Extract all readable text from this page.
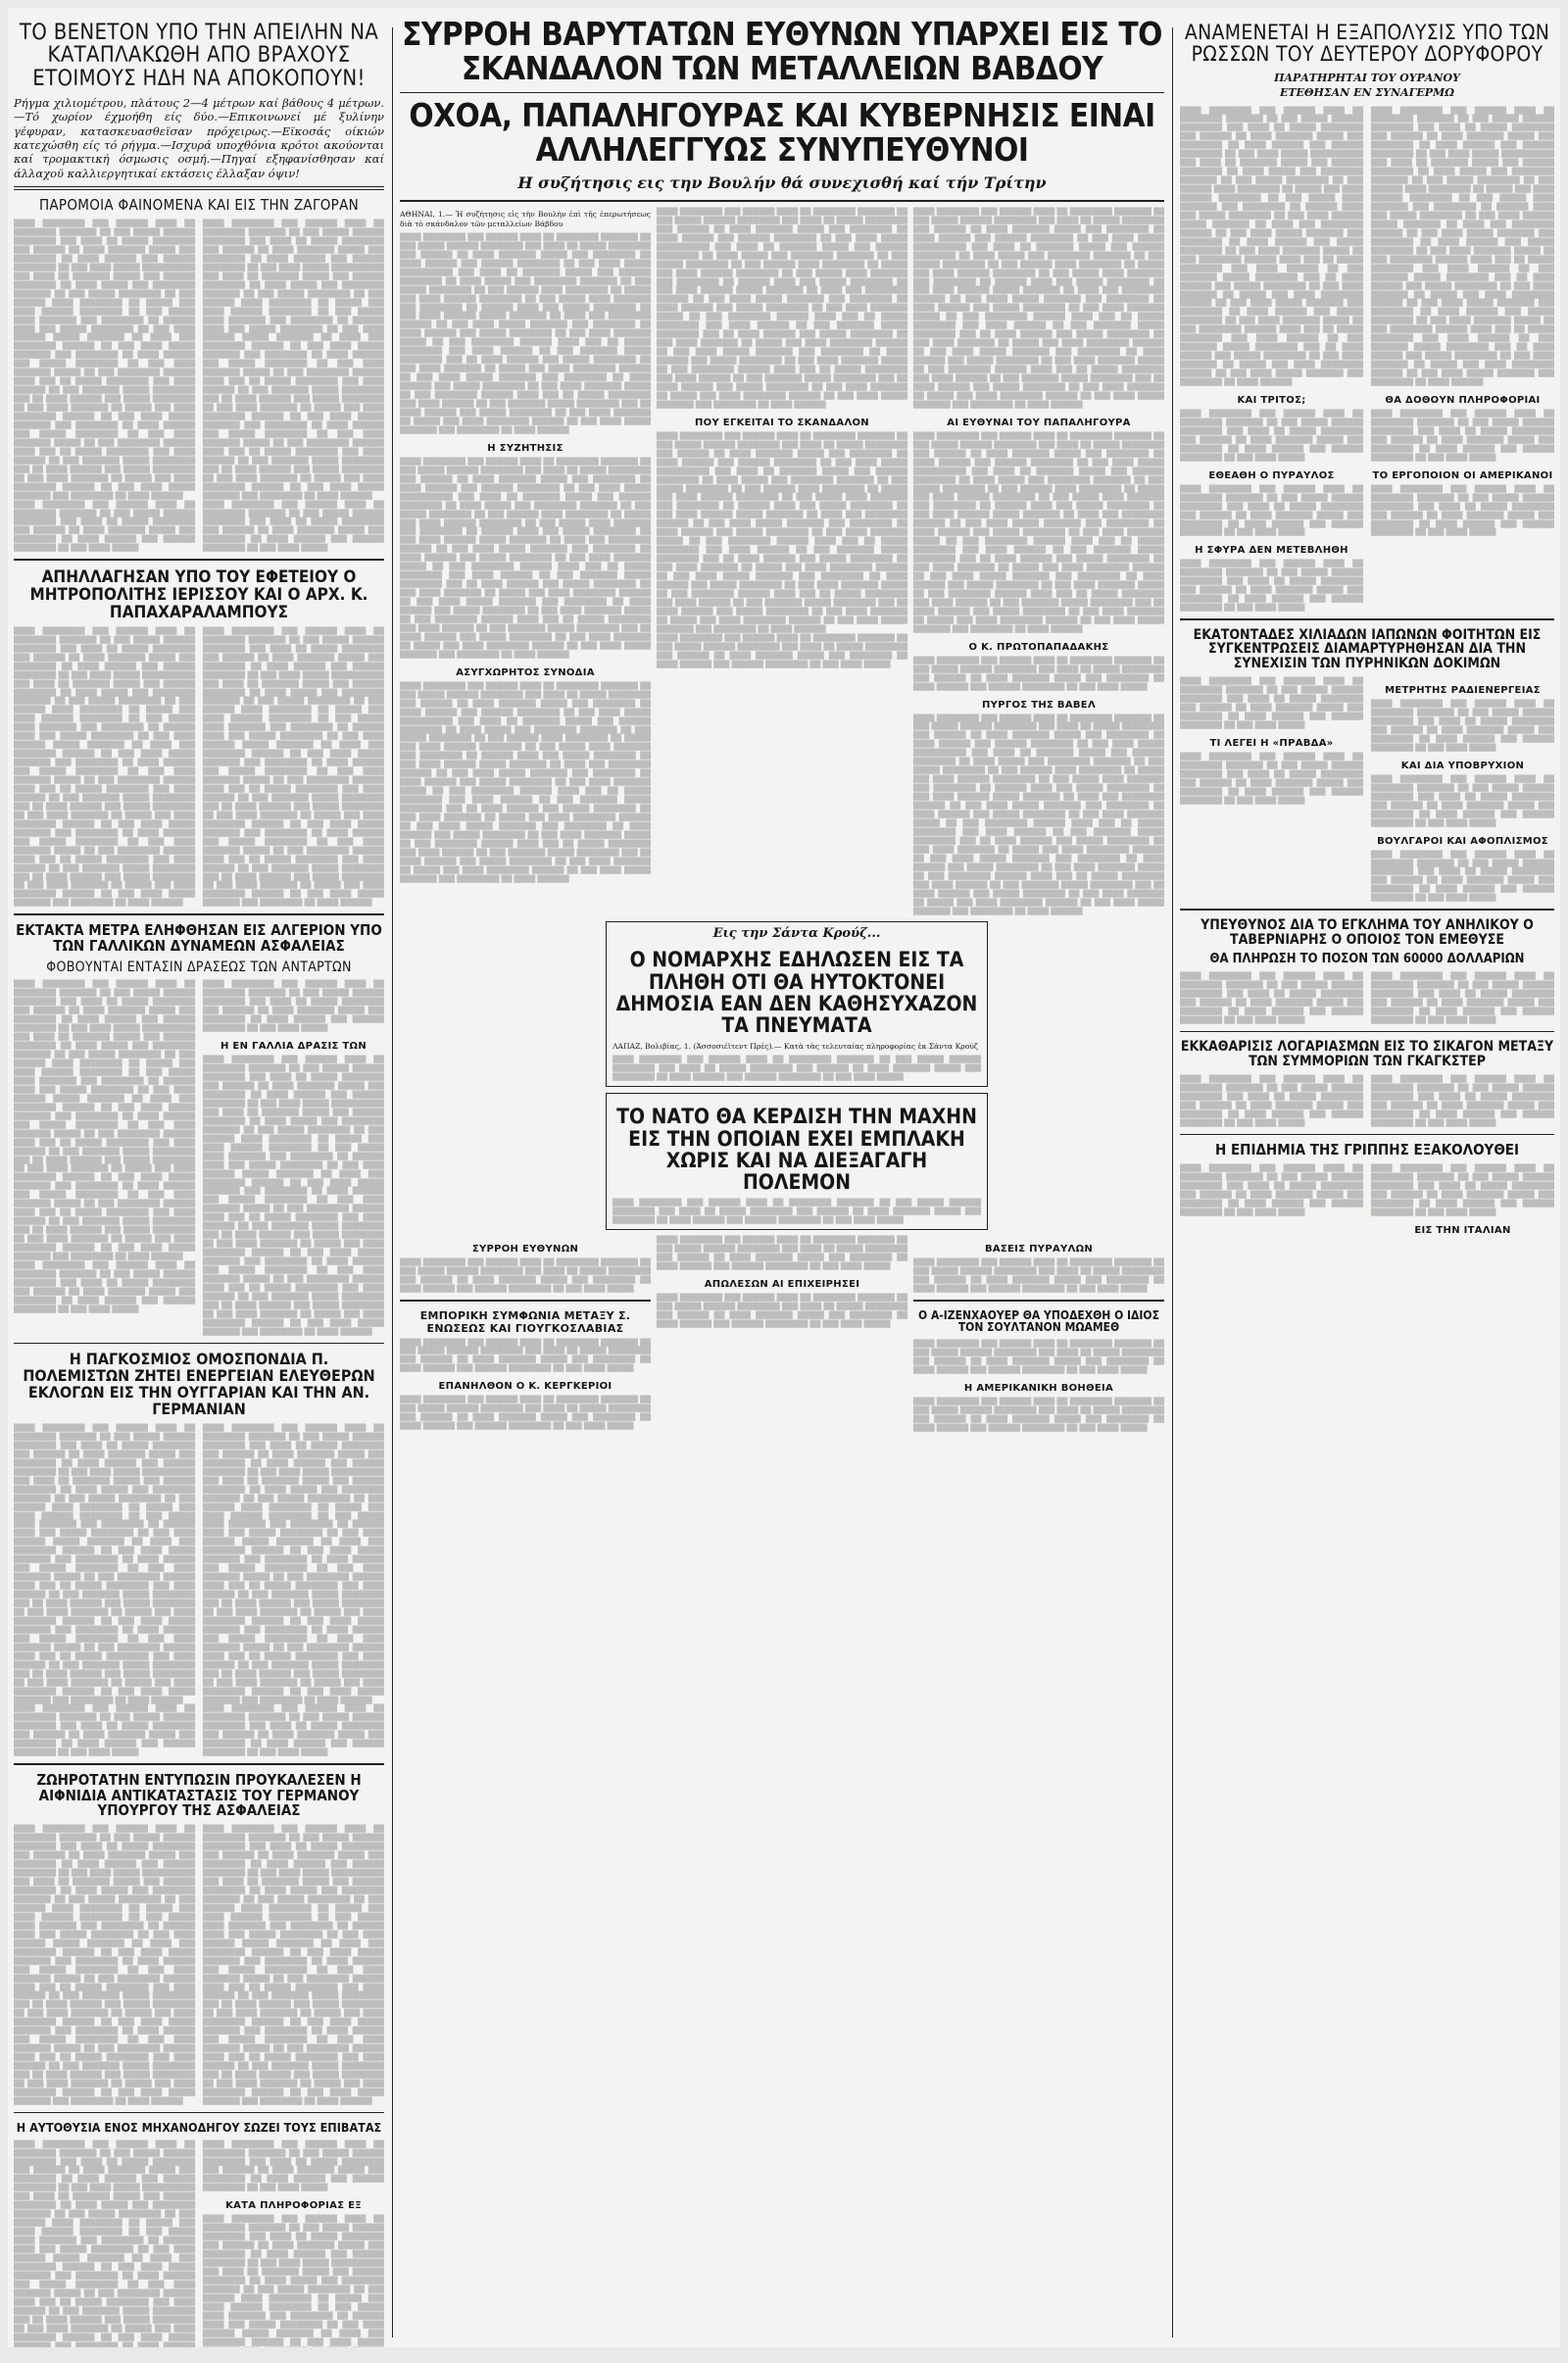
ΤΟ ΒΕΝΕΤΟΝ ΥΠΟ ΤΗΝ ΑΠΕΙΛΗΝ ΝΑ ΚΑΤΑΠΛΑΚΩΘΗ ΑΠΟ ΒΡΑΧΟΥΣ ΕΤΟΙΜΟΥΣ ΗΔΗ ΝΑ ΑΠΟΚΟΠΟΥΝ!
Ρήγμα χιλιομέτρου, πλάτους 2—4 μέτρων καί βάθους 4 μέτρων.—Τό χωρίον έχμοήθη είς δύο.—Επικοινωνεί μέ ξυλίνην γέφυραν, κατασκευασθεϊσαν πρόχειρως.—Εϊκοσάς οίκιών κατεχώσθη είς τό ρήγμα.—Ισχυρά υποχθόνια κρότοι ακούονται καί τρομακτική όσμωσις οσμή.—Πηγαί εξηφανίσθησαν καί άλλαχοϋ καλλιεργητικαί εκτάσεις έλλαξαν όψιν!
ΠΑΡΟΜΟΙΑ ΦΑΙΝΟΜΕΝΑ ΚΑΙ ΕΙΣ ΤΗΝ ΖΑΓΟΡΑΝ

████ ████████ ███ ██████ ████ ██ ████████ ███████ ██ ███ █████ ██████ ████████ ███ ████ ██ █████ ████████ ███ ██████ ██ ████ ███████ █████ ███ ████████ ██ ████ ██████ ███ ██████ ████████ ██ ███ ████ █████ ██████████ ███ ████ ██ ███████ █████ ███ ██████ ████████ ██ ████ █████ ███ ████████ ███████ ██ ███ █████ ████████ ██ ███ ██████ ████ ████████ ██ █████ ███ ████ ██████ ████████ ██ ███ █████ ████ ███████ ███ ████████ ██ ██████ ████ ███ █████ ████████ ██ ███ ████ ██████ █████ ███████ ██ ████ ███ ████████ ██████ ██ ███ ████ █████ ███████ ███ ████████ ██ ████ ██████ ███ █████ ████████ ██ ███ ████ ███████ █████ ██ ███ ████████ ██████ ████ ███ ██ █████ ████████ ███ ████ ██████ ██ ███ ███████ █████ ████████ ███ ██ ████ ██████ ███ █████ ████████ ██ ███ ████ ███████ ██ █████ ███ ████ ████████ ██████ ██ ███ ████ █████ ███████ ███ ████████ ██ ████ ██████ ███ █████ ████████ ██ ███ ████ ███████ █████ ██ ███ ████████ ██████ ████ ███ ██ █████ ████████ ███ ████ ██████ ██ ███ ███████ █████ ████████ ███ ██ ████ ██████ ███ █████ ████████ ██ ███ ████ ███████ ██ █████ ███ ████ ████████ ██████ ██ ███ ████ █████ ███████ ███ ████████ ██ ████ ██████

████ ████████ ███ ██████ ████ ██ ████████ ███████ ██ ███ █████ ██████ ████████ ███ ████ ██ █████ ████████ ███ ██████ ██ ████ ███████ █████ ███ ████████ ██ ████ ██████ ███ ██████ ████████ ██ ███ ████ █████

████ ████████ ███ ██████ ████ ██ ████████ ███████ ██ ███ █████ ██████ ████████ ███ ████ ██ █████ ████████ ███ ██████ ██ ████ ███████ █████ ███ ████████ ██ ████ ██████ ███ ██████ ████████ ██ ███ ████ █████ ██████████ ███ ████ ██ ███████ █████ ███ ██████ ████████ ██ ████ █████ ███ ████████ ███████ ██ ███ █████ ████████ ██ ███ ██████ ████ ████████ ██ █████ ███ ████ ██████ ████████ ██ ███ █████ ████ ███████ ███ ████████ ██ ██████ ████ ███ █████ ████████ ██ ███ ████ ██████ █████ ███████ ██ ████ ███ ████████ ██████ ██ ███ ████ █████ ███████ ███ ████████ ██ ████ ██████ ███ █████ ████████ ██ ███ ████ ███████ █████ ██ ███ ████████ ██████ ████ ███ ██ █████ ████████ ███ ████ ██████ ██ ███ ███████ █████ ████████ ███ ██ ████ ██████ ███ █████ ████████ ██ ███ ████ ███████ ██ █████ ███ ████ ████████ ██████ ██ ███ ████ █████ ███████ ███ ████████ ██ ████ ██████ ███ █████ ████████ ██ ███ ████ ███████ █████ ██ ███ ████████ ██████ ████ ███ ██ █████ ████████ ███ ████ ██████ ██ ███ ███████ █████ ████████ ███ ██ ████ ██████ ███ █████ ████████ ██ ███ ████ ███████ ██ █████ ███ ████ ████████ ██████ ██ ███ ████ █████ ███████ ███ ████████ ██ ████ ██████

████ ████████ ███ ██████ ████ ██ ████████ ███████ ██ ███ █████ ██████ ████████ ███ ████ ██ █████ ████████ ███ ██████ ██ ████ ███████ █████ ███ ████████ ██ ████ ██████ ███ ██████ ████████ ██ ███ ████ █████

ΑΠΗΛΛΑΓΗΣΑΝ ΥΠΟ ΤΟΥ ΕΦΕΤΕΙΟΥ Ο ΜΗΤΡΟΠΟΛΙΤΗΣ ΙΕΡΙΣΣΟΥ ΚΑΙ Ο ΑΡΧ. Κ. ΠΑΠΑΧΑΡΑΛΑΜΠΟΥΣ

████ ████████ ███ ██████ ████ ██ ████████ ███████ ██ ███ █████ ██████ ████████ ███ ████ ██ █████ ████████ ███ ██████ ██ ████ ███████ █████ ███ ████████ ██ ████ ██████ ███ ██████ ████████ ██ ███ ████ █████ ██████████ ███ ████ ██ ███████ █████ ███ ██████ ████████ ██ ████ █████ ███ ████████ ███████ ██ ███ █████ ████████ ██ ███ ██████ ████ ████████ ██ █████ ███ ████ ██████ ████████ ██ ███ █████ ████ ███████ ███ ████████ ██ ██████ ████ ███ █████ ████████ ██ ███ ████ ██████ █████ ███████ ██ ████ ███ ████████ ██████ ██ ███ ████ █████ ███████ ███ ████████ ██ ████ ██████ ███ █████ ████████ ██ ███ ████ ███████ █████ ██ ███ ████████ ██████ ████ ███ ██ █████ ████████ ███ ████ ██████ ██ ███ ███████ █████ ████████ ███ ██ ████ ██████ ███ █████ ████████ ██ ███ ████ ███████ ██ █████ ███ ████ ████████ ██████ ██ ███ ████ █████ ███████ ███ ████████ ██ ████ ██████ ███ █████ ████████ ██ ███ ████ ███████ █████ ██ ███ ████████ ██████ ████ ███ ██ █████ ████████ ███ ████ ██████ ██ ███ ███████ █████ ████████ ███ ██ ████ ██████ ███ █████ ████████ ██ ███ ████ ███████ ██ █████ ███ ████ ████████ ██████ ██ ███ ████ █████ ███████ ███ ████████ ██ ████ ██████

████ ████████ ███ ██████ ████ ██ ████████ ███████ ██ ███ █████ ██████ ████████ ███ ████ ██ █████ ████████ ███ ██████ ██ ████ ███████ █████ ███ ████████ ██ ████ ██████ ███ ██████ ████████ ██ ███ ████ █████ ██████████ ███ ████ ██ ███████ █████ ███ ██████ ████████ ██ ████ █████ ███ ████████ ███████ ██ ███ █████ ████████ ██ ███ ██████ ████ ████████ ██ █████ ███ ████ ██████ ████████ ██ ███ █████ ████ ███████ ███ ████████ ██ ██████ ████ ███ █████ ████████ ██ ███ ████ ██████ █████ ███████ ██ ████ ███ ████████ ██████ ██ ███ ████ █████ ███████ ███ ████████ ██ ████ ██████ ███ █████ ████████ ██ ███ ████ ███████ █████ ██ ███ ████████ ██████ ████ ███ ██ █████ ████████ ███ ████ ██████ ██ ███ ███████ █████ ████████ ███ ██ ████ ██████ ███ █████ ████████ ██ ███ ████ ███████ ██ █████ ███ ████ ████████ ██████ ██ ███ ████ █████ ███████ ███ ████████ ██ ████ ██████ ███ █████ ████████ ██ ███ ████ ███████ █████ ██ ███ ████████ ██████ ████ ███ ██ █████ ████████ ███ ████ ██████ ██ ███ ███████ █████ ████████ ███ ██ ████ ██████ ███ █████ ████████ ██ ███ ████ ███████ ██ █████ ███ ████ ████████ ██████ ██ ███ ████ █████ ███████ ███ ████████ ██ ████ ██████

ΕΚΤΑΚΤΑ ΜΕΤΡΑ ΕΛΗΦΘΗΣΑΝ ΕΙΣ ΑΛΓΕΡΙΟΝ ΥΠΟ ΤΩΝ ΓΑΛΛΙΚΩΝ ΔΥΝΑΜΕΩΝ ΑΣΦΑΛΕΙΑΣ
ΦΟΒΟΥΝΤΑΙ ΕΝΤΑΣΙΝ ΔΡΑΣΕΩΣ ΤΩΝ ΑΝΤΑΡΤΩΝ

████ ████████ ███ ██████ ████ ██ ████████ ███████ ██ ███ █████ ██████ ████████ ███ ████ ██ █████ ████████ ███ ██████ ██ ████ ███████ █████ ███ ████████ ██ ████ ██████ ███ ██████ ████████ ██ ███ ████ █████ ██████████ ███ ████ ██ ███████ █████ ███ ██████ ████████ ██ ████ █████ ███ ████████ ███████ ██ ███ █████ ████████ ██ ███ ██████ ████ ████████ ██ █████ ███ ████ ██████ ████████ ██ ███ █████ ████ ███████ ███ ████████ ██ ██████ ████ ███ █████ ████████ ██ ███ ████ ██████ █████ ███████ ██ ████ ███ ████████ ██████ ██ ███ ████ █████ ███████ ███ ████████ ██ ████ ██████ ███ █████ ████████ ██ ███ ████ ███████ █████ ██ ███ ████████ ██████ ████ ███ ██ █████ ████████ ███ ████ ██████ ██ ███ ███████ █████ ████████ ███ ██ ████ ██████ ███ █████ ████████ ██ ███ ████ ███████ ██ █████ ███ ████ ████████ ██████ ██ ███ ████ █████ ███████ ███ ████████ ██ ████ ██████ ███ █████ ████████ ██ ███ ████ ███████ █████ ██ ███ ████████ ██████ ████ ███ ██ █████ ████████ ███ ████ ██████ ██ ███ ███████ █████ ████████ ███ ██ ████ ██████ ███ █████ ████████ ██ ███ ████ ███████ ██ █████ ███ ████ ████████ ██████ ██ ███ ████ █████ ███████ ███ ████████ ██ ████ ██████

████ ████████ ███ ██████ ████ ██ ████████ ███████ ██ ███ █████ ██████ ████████ ███ ████ ██ █████ ████████ ███ ██████ ██ ████ ███████ █████ ███ ████████ ██ ████ ██████ ███ ██████ ████████ ██ ███ ████ █████

████ ████████ ███ ██████ ████ ██ ████████ ███████ ██ ███ █████ ██████ ████████ ███ ████ ██ █████ ████████ ███ ██████ ██ ████ ███████ █████ ███ ████████ ██ ████ ██████ ███ ██████ ████████ ██ ███ ████ █████

Η ΕΝ ΓΑΛΛΙΑ ΔΡΑΣΙΣ ΤΩΝ

████ ████████ ███ ██████ ████ ██ ████████ ███████ ██ ███ █████ ██████ ████████ ███ ████ ██ █████ ████████ ███ ██████ ██ ████ ███████ █████ ███ ████████ ██ ████ ██████ ███ ██████ ████████ ██ ███ ████ █████ ██████████ ███ ████ ██ ███████ █████ ███ ██████ ████████ ██ ████ █████ ███ ████████ ███████ ██ ███ █████ ████████ ██ ███ ██████ ████ ████████ ██ █████ ███ ████ ██████ ████████ ██ ███ █████ ████ ███████ ███ ████████ ██ ██████ ████ ███ █████ ████████ ██ ███ ████ ██████ █████ ███████ ██ ████ ███ ████████ ██████ ██ ███ ████ █████ ███████ ███ ████████ ██ ████ ██████ ███ █████ ████████ ██ ███ ████ ███████ █████ ██ ███ ████████ ██████ ████ ███ ██ █████ ████████ ███ ████ ██████ ██ ███ ███████ █████ ████████ ███ ██ ████ ██████ ███ █████ ████████ ██ ███ ████ ███████ ██ █████ ███ ████ ████████ ██████ ██ ███ ████ █████ ███████ ███ ████████ ██ ████ ██████ ███ █████ ████████ ██ ███ ████ ███████ █████ ██ ███ ████████ ██████ ████ ███ ██ █████ ████████ ███ ████ ██████ ██ ███ ███████ █████ ████████ ███ ██ ████ ██████ ███ █████ ████████ ██ ███ ████ ███████ ██ █████ ███ ████ ████████ ██████ ██ ███ ████ █████ ███████ ███ ████████ ██ ████ ██████

Η ΠΑΓΚΟΣΜΙΟΣ ΟΜΟΣΠΟΝΔΙΑ Π. ΠΟΛΕΜΙΣΤΩΝ ΖΗΤΕΙ ΕΝΕΡΓΕΙΑΝ ΕΛΕΥΘΕΡΩΝ ΕΚΛΟΓΩΝ ΕΙΣ ΤΗΝ ΟΥΓΓΑΡΙΑΝ ΚΑΙ ΤΗΝ ΑΝ. ΓΕΡΜΑΝΙΑΝ

████ ████████ ███ ██████ ████ ██ ████████ ███████ ██ ███ █████ ██████ ████████ ███ ████ ██ █████ ████████ ███ ██████ ██ ████ ███████ █████ ███ ████████ ██ ████ ██████ ███ ██████ ████████ ██ ███ ████ █████ ██████████ ███ ████ ██ ███████ █████ ███ ██████ ████████ ██ ████ █████ ███ ████████ ███████ ██ ███ █████ ████████ ██ ███ ██████ ████ ████████ ██ █████ ███ ████ ██████ ████████ ██ ███ █████ ████ ███████ ███ ████████ ██ ██████ ████ ███ █████ ████████ ██ ███ ████ ██████ █████ ███████ ██ ████ ███ ████████ ██████ ██ ███ ████ █████ ███████ ███ ████████ ██ ████ ██████ ███ █████ ████████ ██ ███ ████ ███████ █████ ██ ███ ████████ ██████ ████ ███ ██ █████ ████████ ███ ████ ██████ ██ ███ ███████ █████ ████████ ███ ██ ████ ██████ ███ █████ ████████ ██ ███ ████ ███████ ██ █████ ███ ████ ████████ ██████ ██ ███ ████ █████ ███████ ███ ████████ ██ ████ ██████ ███ █████ ████████ ██ ███ ████ ███████ █████ ██ ███ ████████ ██████ ████ ███ ██ █████ ████████ ███ ████ ██████ ██ ███ ███████ █████ ████████ ███ ██ ████ ██████ ███ █████ ████████ ██ ███ ████ ███████ ██ █████ ███ ████ ████████ ██████ ██ ███ ████ █████ ███████ ███ ████████ ██ ████ ██████

████ ████████ ███ ██████ ████ ██ ████████ ███████ ██ ███ █████ ██████ ████████ ███ ████ ██ █████ ████████ ███ ██████ ██ ████ ███████ █████ ███ ████████ ██ ████ ██████ ███ ██████ ████████ ██ ███ ████ █████

████ ████████ ███ ██████ ████ ██ ████████ ███████ ██ ███ █████ ██████ ████████ ███ ████ ██ █████ ████████ ███ ██████ ██ ████ ███████ █████ ███ ████████ ██ ████ ██████ ███ ██████ ████████ ██ ███ ████ █████ ██████████ ███ ████ ██ ███████ █████ ███ ██████ ████████ ██ ████ █████ ███ ████████ ███████ ██ ███ █████ ████████ ██ ███ ██████ ████ ████████ ██ █████ ███ ████ ██████ ████████ ██ ███ █████ ████ ███████ ███ ████████ ██ ██████ ████ ███ █████ ████████ ██ ███ ████ ██████ █████ ███████ ██ ████ ███ ████████ ██████ ██ ███ ████ █████ ███████ ███ ████████ ██ ████ ██████ ███ █████ ████████ ██ ███ ████ ███████ █████ ██ ███ ████████ ██████ ████ ███ ██ █████ ████████ ███ ████ ██████ ██ ███ ███████ █████ ████████ ███ ██ ████ ██████ ███ █████ ████████ ██ ███ ████ ███████ ██ █████ ███ ████ ████████ ██████ ██ ███ ████ █████ ███████ ███ ████████ ██ ████ ██████ ███ █████ ████████ ██ ███ ████ ███████ █████ ██ ███ ████████ ██████ ████ ███ ██ █████ ████████ ███ ████ ██████ ██ ███ ███████ █████ ████████ ███ ██ ████ ██████ ███ █████ ████████ ██ ███ ████ ███████ ██ █████ ███ ████ ████████ ██████ ██ ███ ████ █████ ███████ ███ ████████ ██ ████ ██████

████ ████████ ███ ██████ ████ ██ ████████ ███████ ██ ███ █████ ██████ ████████ ███ ████ ██ █████ ████████ ███ ██████ ██ ████ ███████ █████ ███ ████████ ██ ████ ██████ ███ ██████ ████████ ██ ███ ████ █████

ΖΩΗΡΟΤΑΤΗΝ ΕΝΤΥΠΩΣΙΝ ΠΡΟΥΚΑΛΕΣΕΝ Η ΑΙΦΝΙΔΙΑ ΑΝΤΙΚΑΤΑΣΤΑΣΙΣ ΤΟΥ ΓΕΡΜΑΝΟΥ ΥΠΟΥΡΓΟΥ ΤΗΣ ΑΣΦΑΛΕΙΑΣ

████ ████████ ███ ██████ ████ ██ ████████ ███████ ██ ███ █████ ██████ ████████ ███ ████ ██ █████ ████████ ███ ██████ ██ ████ ███████ █████ ███ ████████ ██ ████ ██████ ███ ██████ ████████ ██ ███ ████ █████ ██████████ ███ ████ ██ ███████ █████ ███ ██████ ████████ ██ ████ █████ ███ ████████ ███████ ██ ███ █████ ████████ ██ ███ ██████ ████ ████████ ██ █████ ███ ████ ██████ ████████ ██ ███ █████ ████ ███████ ███ ████████ ██ ██████ ████ ███ █████ ████████ ██ ███ ████ ██████ █████ ███████ ██ ████ ███ ████████ ██████ ██ ███ ████ █████ ███████ ███ ████████ ██ ████ ██████ ███ █████ ████████ ██ ███ ████ ███████ █████ ██ ███ ████████ ██████ ████ ███ ██ █████ ████████ ███ ████ ██████ ██ ███ ███████ █████ ████████ ███ ██ ████ ██████ ███ █████ ████████ ██ ███ ████ ███████ ██ █████ ███ ████ ████████ ██████ ██ ███ ████ █████ ███████ ███ ████████ ██ ████ ██████ ███ █████ ████████ ██ ███ ████ ███████ █████ ██ ███ ████████ ██████ ████ ███ ██ █████ ████████ ███ ████ ██████ ██ ███ ███████ █████ ████████ ███ ██ ████ ██████ ███ █████ ████████ ██ ███ ████ ███████ ██ █████ ███ ████ ████████ ██████ ██ ███ ████ █████ ███████ ███ ████████ ██ ████ ██████

████ ████████ ███ ██████ ████ ██ ████████ ███████ ██ ███ █████ ██████ ████████ ███ ████ ██ █████ ████████ ███ ██████ ██ ████ ███████ █████ ███ ████████ ██ ████ ██████ ███ ██████ ████████ ██ ███ ████ █████ ██████████ ███ ████ ██ ███████ █████ ███ ██████ ████████ ██ ████ █████ ███ ████████ ███████ ██ ███ █████ ████████ ██ ███ ██████ ████ ████████ ██ █████ ███ ████ ██████ ████████ ██ ███ █████ ████ ███████ ███ ████████ ██ ██████ ████ ███ █████ ████████ ██ ███ ████ ██████ █████ ███████ ██ ████ ███ ████████ ██████ ██ ███ ████ █████ ███████ ███ ████████ ██ ████ ██████ ███ █████ ████████ ██ ███ ████ ███████ █████ ██ ███ ████████ ██████ ████ ███ ██ █████ ████████ ███ ████ ██████ ██ ███ ███████ █████ ████████ ███ ██ ████ ██████ ███ █████ ████████ ██ ███ ████ ███████ ██ █████ ███ ████ ████████ ██████ ██ ███ ████ █████ ███████ ███ ████████ ██ ████ ██████ ███ █████ ████████ ██ ███ ████ ███████ █████ ██ ███ ████████ ██████ ████ ███ ██ █████ ████████ ███ ████ ██████ ██ ███ ███████ █████ ████████ ███ ██ ████ ██████ ███ █████ ████████ ██ ███ ████ ███████ ██ █████ ███ ████ ████████ ██████ ██ ███ ████ █████ ███████ ███ ████████ ██ ████ ██████

Η ΑΥΤΟΘΥΣΙΑ ΕΝΟΣ ΜΗΧΑΝΟΔΗΓΟΥ ΣΩΖΕΙ ΤΟΥΣ ΕΠΙΒΑΤΑΣ

████ ████████ ███ ██████ ████ ██ ████████ ███████ ██ ███ █████ ██████ ████████ ███ ████ ██ █████ ████████ ███ ██████ ██ ████ ███████ █████ ███ ████████ ██ ████ ██████ ███ ██████ ████████ ██ ███ ████ █████ ██████████ ███ ████ ██ ███████ █████ ███ ██████ ████████ ██ ████ █████ ███ ████████ ███████ ██ ███ █████ ████████ ██ ███ ██████ ████ ████████ ██ █████ ███ ████ ██████ ████████ ██ ███ █████ ████ ███████ ███ ████████ ██ ██████ ████ ███ █████ ████████ ██ ███ ████ ██████ █████ ███████ ██ ████ ███ ████████ ██████ ██ ███ ████ █████ ███████ ███ ████████ ██ ████ ██████ ███ █████ ████████ ██ ███ ████ ███████ █████ ██ ███ ████████ ██████ ████ ███ ██ █████ ████████ ███ ████ ██████ ██ ███ ███████ █████ ████████ ███ ██ ████ ██████ ███ █████ ████████ ██ ███ ████ ███████ ██ █████ ███ ████ ████████ ██████ ██ ███ ████ █████ ███████ ███ ████████ ██ ████ ██████ ███ █████ ████████ ██ ███ ████ ███████ █████ ██ ███ ████████ ██████ ████ ███ ██ █████ ████████ ███ ████ ██████ ██ ███ ███████ █████ ████████ ███ ██ ████ ██████ ███ █████ ████████ ██ ███ ████ ███████ ██ █████ ███ ████ ████████ ██████ ██ ███ ████ █████ ███████ ███ ████████ ██ ████ ██████

████ ████████ ███ ██████ ████ ██ ████████ ███████ ██ ███ █████ ██████ ████████ ███ ████ ██ █████ ████████ ███ ██████ ██ ████ ███████ █████ ███ ████████ ██ ████ ██████ ███ ██████ ████████ ██ ███ ████ █████

ΚΑΤΑ ΠΛΗΡΟΦΟΡΙΑΣ ΕΞ

████ ████████ ███ ██████ ████ ██ ████████ ███████ ██ ███ █████ ██████ ████████ ███ ████ ██ █████ ████████ ███ ██████ ██ ████ ███████ █████ ███ ████████ ██ ████ ██████ ███ ██████ ████████ ██ ███ ████ █████ ██████████ ███ ████ ██ ███████ █████ ███ ██████ ████████ ██ ████ █████ ███ ████████ ███████ ██ ███ █████ ████████ ██ ███ ██████ ████ ████████ ██ █████ ███ ████ ██████ ████████ ██ ███ █████ ████ ███████ ███ ████████ ██ ██████ ████ ███ █████ ████████ ██ ███ ████ ██████ █████ ███████ ██ ████ ███ ████████ ██████ ██ ███ ████ █████ ███████ ███ ████████ ██ ████ ██████ ███ █████ ████████ ██ ███ ████ ███████ █████ ██ ███ ████████ ██████ ████ ███ ██ █████ ████████ ███ ████ ██████ ██ ███ ███████ █████ ████████ ███ ██ ████ ██████ ███ █████ ████████ ██ ███ ████ ███████ ██ █████ ███ ████ ████████ ██████ ██ ███ ████ █████ ███████ ███ ████████ ██ ████ ██████ ███ █████ ████████ ██ ███ ████ ███████ █████ ██ ███ ████████ ██████ ████ ███ ██ █████ ████████ ███ ████ ██████ ██ ███ ███████ █████ ████████ ███ ██ ████ ██████ ███ █████ ████████ ██ ███ ████ ███████ ██ █████ ███ ████ ████████ ██████ ██ ███ ████ █████ ███████ ███ ████████ ██ ████ ██████

ΣΥΡΡΟΗ ΒΑΡΥΤΑΤΩΝ ΕΥΘΥΝΩΝ ΥΠΑΡΧΕΙ ΕΙΣ ΤΟ ΣΚΑΝΔΑΛΟΝ ΤΩΝ ΜΕΤΑΛΛΕΙΩΝ ΒΑΒΔΟΥ
ΟΧΟΑ, ΠΑΠΑΛΗΓΟΥΡΑΣ ΚΑΙ ΚΥΒΕΡΝΗΣΙΣ ΕΙΝΑΙ ΑΛΛΗΛΕΓΓΥΩΣ ΣΥΝΥΠΕΥΘΥΝΟΙ
Η συζήτησις εις την Βουλήν θά συνεχισθή καί τήν Τρίτην
ΑΘΗΝΑΙ, 1.— Ἡ συζήτησις εἰς τὴν Βουλὴν ἐπὶ τῆς ἐπερωτήσεως διὰ τὸ σκάνδαλον τῶν μεταλλείων Βάβδου

████ ████████ ███ ██████ ████ ██ ████████ ███████ ██ ███ █████ ██████ ████████ ███ ████ ██ █████ ████████ ███ ██████ ██ ████ ███████ █████ ███ ████████ ██ ████ ██████ ███ ██████ ████████ ██ ███ ████ █████ ██████████ ███ ████ ██ ███████ █████ ███ ██████ ████████ ██ ████ █████ ███ ████████ ███████ ██ ███ █████ ████████ ██ ███ ██████ ████ ████████ ██ █████ ███ ████ ██████ ████████ ██ ███ █████ ████ ███████ ███ ████████ ██ ██████ ████ ███ █████ ████████ ██ ███ ████ ██████ █████ ███████ ██ ████ ███ ████████ ██████ ██ ███ ████ █████ ███████ ███ ████████ ██ ████ ██████ ███ █████ ████████ ██ ███ ████ ███████ █████ ██ ███ ████████ ██████ ████ ███ ██ █████ ████████ ███ ████ ██████ ██ ███ ███████ █████ ████████ ███ ██ ████ ██████ ███ █████ ████████ ██ ███ ████ ███████ ██ █████ ███ ████ ████████ ██████ ██ ███ ████ █████ ███████ ███ ████████ ██ ████ ██████ ███ █████ ████████ ██ ███ ████ ███████ █████ ██ ███ ████████ ██████ ████ ███ ██ █████ ████████ ███ ████ ██████ ██ ███ ███████ █████ ████████ ███ ██ ████ ██████ ███ █████ ████████ ██ ███ ████ ███████ ██ █████ ███ ████ ████████ ██████ ██ ███ ████ █████ ███████ ███ ████████ ██ ████ ██████

Η ΣΥΖΗΤΗΣΙΣ

████ ████████ ███ ██████ ████ ██ ████████ ███████ ██ ███ █████ ██████ ████████ ███ ████ ██ █████ ████████ ███ ██████ ██ ████ ███████ █████ ███ ████████ ██ ████ ██████ ███ ██████ ████████ ██ ███ ████ █████ ██████████ ███ ████ ██ ███████ █████ ███ ██████ ████████ ██ ████ █████ ███ ████████ ███████ ██ ███ █████ ████████ ██ ███ ██████ ████ ████████ ██ █████ ███ ████ ██████ ████████ ██ ███ █████ ████ ███████ ███ ████████ ██ ██████ ████ ███ █████ ████████ ██ ███ ████ ██████ █████ ███████ ██ ████ ███ ████████ ██████ ██ ███ ████ █████ ███████ ███ ████████ ██ ████ ██████ ███ █████ ████████ ██ ███ ████ ███████ █████ ██ ███ ████████ ██████ ████ ███ ██ █████ ████████ ███ ████ ██████ ██ ███ ███████ █████ ████████ ███ ██ ████ ██████ ███ █████ ████████ ██ ███ ████ ███████ ██ █████ ███ ████ ████████ ██████ ██ ███ ████ █████ ███████ ███ ████████ ██ ████ ██████ ███ █████ ████████ ██ ███ ████ ███████ █████ ██ ███ ████████ ██████ ████ ███ ██ █████ ████████ ███ ████ ██████ ██ ███ ███████ █████ ████████ ███ ██ ████ ██████ ███ █████ ████████ ██ ███ ████ ███████ ██ █████ ███ ████ ████████ ██████ ██ ███ ████ █████ ███████ ███ ████████ ██ ████ ██████

ΑΣΥΓΧΩΡΗΤΟΣ ΣΥΝΟΔΙΑ

████ ████████ ███ ██████ ████ ██ ████████ ███████ ██ ███ █████ ██████ ████████ ███ ████ ██ █████ ████████ ███ ██████ ██ ████ ███████ █████ ███ ████████ ██ ████ ██████ ███ ██████ ████████ ██ ███ ████ █████ ██████████ ███ ████ ██ ███████ █████ ███ ██████ ████████ ██ ████ █████ ███ ████████ ███████ ██ ███ █████ ████████ ██ ███ ██████ ████ ████████ ██ █████ ███ ████ ██████ ████████ ██ ███ █████ ████ ███████ ███ ████████ ██ ██████ ████ ███ █████ ████████ ██ ███ ████ ██████ █████ ███████ ██ ████ ███ ████████ ██████ ██ ███ ████ █████ ███████ ███ ████████ ██ ████ ██████ ███ █████ ████████ ██ ███ ████ ███████ █████ ██ ███ ████████ ██████ ████ ███ ██ █████ ████████ ███ ████ ██████ ██ ███ ███████ █████ ████████ ███ ██ ████ ██████ ███ █████ ████████ ██ ███ ████ ███████ ██ █████ ███ ████ ████████ ██████ ██ ███ ████ █████ ███████ ███ ████████ ██ ████ ██████ ███ █████ ████████ ██ ███ ████ ███████ █████ ██ ███ ████████ ██████ ████ ███ ██ █████ ████████ ███ ████ ██████ ██ ███ ███████ █████ ████████ ███ ██ ████ ██████ ███ █████ ████████ ██ ███ ████ ███████ ██ █████ ███ ████ ████████ ██████ ██ ███ ████ █████ ███████ ███ ████████ ██ ████ ██████

████ ████████ ███ ██████ ████ ██ ████████ ███████ ██ ███ █████ ██████ ████████ ███ ████ ██ █████ ████████ ███ ██████ ██ ████ ███████ █████ ███ ████████ ██ ████ ██████ ███ ██████ ████████ ██ ███ ████ █████ ██████████ ███ ████ ██ ███████ █████ ███ ██████ ████████ ██ ████ █████ ███ ████████ ███████ ██ ███ █████ ████████ ██ ███ ██████ ████ ████████ ██ █████ ███ ████ ██████ ████████ ██ ███ █████ ████ ███████ ███ ████████ ██ ██████ ████ ███ █████ ████████ ██ ███ ████ ██████ █████ ███████ ██ ████ ███ ████████ ██████ ██ ███ ████ █████ ███████ ███ ████████ ██ ████ ██████ ███ █████ ████████ ██ ███ ████ ███████ █████ ██ ███ ████████ ██████ ████ ███ ██ █████ ████████ ███ ████ ██████ ██ ███ ███████ █████ ████████ ███ ██ ████ ██████ ███ █████ ████████ ██ ███ ████ ███████ ██ █████ ███ ████ ████████ ██████ ██ ███ ████ █████ ███████ ███ ████████ ██ ████ ██████ ███ █████ ████████ ██ ███ ████ ███████ █████ ██ ███ ████████ ██████ ████ ███ ██ █████ ████████ ███ ████ ██████ ██ ███ ███████ █████ ████████ ███ ██ ████ ██████ ███ █████ ████████ ██ ███ ████ ███████ ██ █████ ███ ████ ████████ ██████ ██ ███ ████ █████ ███████ ███ ████████ ██ ████ ██████

ΠΟΥ ΕΓΚΕΙΤΑΙ ΤΟ ΣΚΑΝΔΑΛΟΝ

████ ████████ ███ ██████ ████ ██ ████████ ███████ ██ ███ █████ ██████ ████████ ███ ████ ██ █████ ████████ ███ ██████ ██ ████ ███████ █████ ███ ████████ ██ ████ ██████ ███ ██████ ████████ ██ ███ ████ █████ ██████████ ███ ████ ██ ███████ █████ ███ ██████ ████████ ██ ████ █████ ███ ████████ ███████ ██ ███ █████ ████████ ██ ███ ██████ ████ ████████ ██ █████ ███ ████ ██████ ████████ ██ ███ █████ ████ ███████ ███ ████████ ██ ██████ ████ ███ █████ ████████ ██ ███ ████ ██████ █████ ███████ ██ ████ ███ ████████ ██████ ██ ███ ████ █████ ███████ ███ ████████ ██ ████ ██████ ███ █████ ████████ ██ ███ ████ ███████ █████ ██ ███ ████████ ██████ ████ ███ ██ █████ ████████ ███ ████ ██████ ██ ███ ███████ █████ ████████ ███ ██ ████ ██████ ███ █████ ████████ ██ ███ ████ ███████ ██ █████ ███ ████ ████████ ██████ ██ ███ ████ █████ ███████ ███ ████████ ██ ████ ██████ ███ █████ ████████ ██ ███ ████ ███████ █████ ██ ███ ████████ ██████ ████ ███ ██ █████ ████████ ███ ████ ██████ ██ ███ ███████ █████ ████████ ███ ██ ████ ██████ ███ █████ ████████ ██ ███ ████ ███████ ██ █████ ███ ████ ████████ ██████ ██ ███ ████ █████ ███████ ███ ████████ ██ ████ ██████

████ ████████ ███ ██████ ████ ██ ████████ ███████ ██ ███ █████ ██████ ████████ ███ ████ ██ █████ ████████ ███ ██████ ██ ████ ███████ █████ ███ ████████ ██ ████ ██████ ███ ██████ ████████ ██ ███ ████ █████

████ ████████ ███ ██████ ████ ██ ████████ ███████ ██ ███ █████ ██████ ████████ ███ ████ ██ █████ ████████ ███ ██████ ██ ████ ███████ █████ ███ ████████ ██ ████ ██████ ███ ██████ ████████ ██ ███ ████ █████ ██████████ ███ ████ ██ ███████ █████ ███ ██████ ████████ ██ ████ █████ ███ ████████ ███████ ██ ███ █████ ████████ ██ ███ ██████ ████ ████████ ██ █████ ███ ████ ██████ ████████ ██ ███ █████ ████ ███████ ███ ████████ ██ ██████ ████ ███ █████ ████████ ██ ███ ████ ██████ █████ ███████ ██ ████ ███ ████████ ██████ ██ ███ ████ █████ ███████ ███ ████████ ██ ████ ██████ ███ █████ ████████ ██ ███ ████ ███████ █████ ██ ███ ████████ ██████ ████ ███ ██ █████ ████████ ███ ████ ██████ ██ ███ ███████ █████ ████████ ███ ██ ████ ██████ ███ █████ ████████ ██ ███ ████ ███████ ██ █████ ███ ████ ████████ ██████ ██ ███ ████ █████ ███████ ███ ████████ ██ ████ ██████ ███ █████ ████████ ██ ███ ████ ███████ █████ ██ ███ ████████ ██████ ████ ███ ██ █████ ████████ ███ ████ ██████ ██ ███ ███████ █████ ████████ ███ ██ ████ ██████ ███ █████ ████████ ██ ███ ████ ███████ ██ █████ ███ ████ ████████ ██████ ██ ███ ████ █████ ███████ ███ ████████ ██ ████ ██████	ΑΙ ΕΥΘΥΝΑΙ ΤΟΥ ΠΑΠΑΛΗΓΟΥΡΑ

████ ████████ ███ ██████ ████ ██ ████████ ███████ ██ ███ █████ ██████ ████████ ███ ████ ██ █████ ████████ ███ ██████ ██ ████ ███████ █████ ███ ████████ ██ ████ ██████ ███ ██████ ████████ ██ ███ ████ █████ ██████████ ███ ████ ██ ███████ █████ ███ ██████ ████████ ██ ████ █████ ███ ████████ ███████ ██ ███ █████ ████████ ██ ███ ██████ ████ ████████ ██ █████ ███ ████ ██████ ████████ ██ ███ █████ ████ ███████ ███ ████████ ██ ██████ ████ ███ █████ ████████ ██ ███ ████ ██████ █████ ███████ ██ ████ ███ ████████ ██████ ██ ███ ████ █████ ███████ ███ ████████ ██ ████ ██████ ███ █████ ████████ ██ ███ ████ ███████ █████ ██ ███ ████████ ██████ ████ ███ ██ █████ ████████ ███ ████ ██████ ██ ███ ███████ █████ ████████ ███ ██ ████ ██████ ███ █████ ████████ ██ ███ ████ ███████ ██ █████ ███ ████ ████████ ██████ ██ ███ ████ █████ ███████ ███ ████████ ██ ████ ██████ ███ █████ ████████ ██ ███ ████ ███████ █████ ██ ███ ████████ ██████ ████ ███ ██ █████ ████████ ███ ████ ██████ ██ ███ ███████ █████ ████████ ███ ██ ████ ██████ ███ █████ ████████ ██ ███ ████ ███████ ██ █████ ███ ████ ████████ ██████ ██ ███ ████ █████ ███████ ███ ████████ ██ ████ ██████

Ο Κ. ΠΡΩΤΟΠΑΠΑΔΑΚΗΣ

████ ████████ ███ ██████ ████ ██ ████████ ███████ ██ ███ █████ ██████ ████████ ███ ████ ██ █████ ████████ ███ ██████ ██ ████ ███████ █████ ███ ████████ ██ ████ ██████ ███ ██████ ████████ ██ ███ ████ █████

ΠΥΡΓΟΣ ΤΗΣ ΒΑΒΕΛ

████ ████████ ███ ██████ ████ ██ ████████ ███████ ██ ███ █████ ██████ ████████ ███ ████ ██ █████ ████████ ███ ██████ ██ ████ ███████ █████ ███ ████████ ██ ████ ██████ ███ ██████ ████████ ██ ███ ████ █████ ██████████ ███ ████ ██ ███████ █████ ███ ██████ ████████ ██ ████ █████ ███ ████████ ███████ ██ ███ █████ ████████ ██ ███ ██████ ████ ████████ ██ █████ ███ ████ ██████ ████████ ██ ███ █████ ████ ███████ ███ ████████ ██ ██████ ████ ███ █████ ████████ ██ ███ ████ ██████ █████ ███████ ██ ████ ███ ████████ ██████ ██ ███ ████ █████ ███████ ███ ████████ ██ ████ ██████ ███ █████ ████████ ██ ███ ████ ███████ █████ ██ ███ ████████ ██████ ████ ███ ██ █████ ████████ ███ ████ ██████ ██ ███ ███████ █████ ████████ ███ ██ ████ ██████ ███ █████ ████████ ██ ███ ████ ███████ ██ █████ ███ ████ ████████ ██████ ██ ███ ████ █████ ███████ ███ ████████ ██ ████ ██████ ███ █████ ████████ ██ ███ ████ ███████ █████ ██ ███ ████████ ██████ ████ ███ ██ █████ ████████ ███ ████ ██████ ██ ███ ███████ █████ ████████ ███ ██ ████ ██████ ███ █████ ████████ ██ ███ ████ ███████ ██ █████ ███ ████ ████████ ██████ ██ ███ ████ █████ ███████ ███ ████████ ██ ████ ██████

Εις την Σάντα Κρούζ...
Ο ΝΟΜΑΡΧΗΣ ΕΔΗΛΩΣΕΝ ΕΙΣ ΤΑ ΠΛΗΘΗ ΟΤΙ ΘΑ ΗΥΤΟΚΤΟΝΕΙ ΔΗΜΟΣΙΑ ΕΑΝ ΔΕΝ ΚΑΘΗΣΥΧΑΖΟΝ ΤΑ ΠΝΕΥΜΑΤΑ
ΛΑΠΑΖ, Βολιβίας, 1. (Ἀσσοσιέϊτεντ Πρές).— Κατὰ τὰς τελευταίας πληροφορίας ἐκ Σάντα Κρούζ

████ ████████ ███ ██████ ████ ██ ████████ ███████ ██ ███ █████ ██████ ████████ ███ ████ ██ █████ ████████ ███ ██████ ██ ████ ███████ █████ ███ ████████ ██ ████ ██████ ███ ██████ ████████ ██ ███ ████ █████

ΤΟ ΝΑΤΟ ΘΑ ΚΕΡΔΙΣΗ ΤΗΝ ΜΑΧΗΝ ΕΙΣ ΤΗΝ ΟΠΟΙΑΝ ΕΧΕΙ ΕΜΠΛΑΚΗ ΧΩΡΙΣ ΚΑΙ ΝΑ ΔΙΕΞΑΓΑΓΗ ΠΟΛΕΜΟΝ

████ ████████ ███ ██████ ████ ██ ████████ ███████ ██ ███ █████ ██████ ████████ ███ ████ ██ █████ ████████ ███ ██████ ██ ████ ███████ █████ ███ ████████ ██ ████ ██████ ███ ██████ ████████ ██ ███ ████ █████

ΣΥΡΡΟΗ ΕΥΘΥΝΩΝ

████ ████████ ███ ██████ ████ ██ ████████ ███████ ██ ███ █████ ██████ ████████ ███ ████ ██ █████ ████████ ███ ██████ ██ ████ ███████ █████ ███ ████████ ██ ████ ██████ ███ ██████ ████████ ██ ███ ████ █████

ΕΜΠΟΡΙΚΗ ΣΥΜΦΩΝΙΑ ΜΕΤΑΞΥ Σ. ΕΝΩΣΕΩΣ ΚΑΙ ΓΙΟΥΓΚΟΣΛΑΒΙΑΣ

████ ████████ ███ ██████ ████ ██ ████████ ███████ ██ ███ █████ ██████ ████████ ███ ████ ██ █████ ████████ ███ ██████ ██ ████ ███████ █████ ███ ████████ ██ ████ ██████ ███ ██████ ████████ ██ ███ ████ █████

ΕΠΑΝΗΛΘΟΝ Ο Κ. ΚΕΡΓΚΕΡΙΟΙ

████ ████████ ███ ██████ ████ ██ ████████ ███████ ██ ███ █████ ██████ ████████ ███ ████ ██ █████ ████████ ███ ██████ ██ ████ ███████ █████ ███ ████████ ██ ████ ██████ ███ ██████ ████████ ██ ███ ████ █████

████ ████████ ███ ██████ ████ ██ ████████ ███████ ██ ███ █████ ██████ ████████ ███ ████ ██ █████ ████████ ███ ██████ ██ ████ ███████ █████ ███ ████████ ██ ████ ██████ ███ ██████ ████████ ██ ███ ████ █████

ΑΠΩΛΕΣΩΝ ΑΙ ΕΠΙΧΕΙΡΗΣΕΙ

████ ████████ ███ ██████ ████ ██ ████████ ███████ ██ ███ █████ ██████ ████████ ███ ████ ██ █████ ████████ ███ ██████ ██ ████ ███████ █████ ███ ████████ ██ ████ ██████ ███ ██████ ████████ ██ ███ ████ █████

ΒΑΣΕΙΣ ΠΥΡΑΥΛΩΝ

████ ████████ ███ ██████ ████ ██ ████████ ███████ ██ ███ █████ ██████ ████████ ███ ████ ██ █████ ████████ ███ ██████ ██ ████ ███████ █████ ███ ████████ ██ ████ ██████ ███ ██████ ████████ ██ ███ ████ █████

Ο Α-ΙΖΕΝΧΑΟΥΕΡ ΘΑ ΥΠΟΔΕΧΘΗ Ο ΙΔΙΟΣ ΤΟΝ ΣΟΥΛΤΑΝΟΝ ΜΩΑΜΕΘ

████ ████████ ███ ██████ ████ ██ ████████ ███████ ██ ███ █████ ██████ ████████ ███ ████ ██ █████ ████████ ███ ██████ ██ ████ ███████ █████ ███ ████████ ██ ████ ██████ ███ ██████ ████████ ██ ███ ████ █████

Η ΑΜΕΡΙΚΑΝΙΚΗ ΒΟΗΘΕΙΑ

████ ████████ ███ ██████ ████ ██ ████████ ███████ ██ ███ █████ ██████ ████████ ███ ████ ██ █████ ████████ ███ ██████ ██ ████ ███████ █████ ███ ████████ ██ ████ ██████ ███ ██████ ████████ ██ ███ ████ █████

ΑΝΑΜΕΝΕΤΑΙ Η ΕΞΑΠΟΛΥΣΙΣ ΥΠΟ ΤΩΝ ΡΩΣΣΩΝ ΤΟΥ ΔΕΥΤΕΡΟΥ ΔΟΡΥΦΟΡΟΥ
ΠΑΡΑΤΗΡΗΤΑΙ ΤΟΥ ΟΥΡΑΝΟΥ
ΕΤΕΘΗΣΑΝ ΕΝ ΣΥΝΑΓΕΡΜΩ

████ ████████ ███ ██████ ████ ██ ████████ ███████ ██ ███ █████ ██████ ████████ ███ ████ ██ █████ ████████ ███ ██████ ██ ████ ███████ █████ ███ ████████ ██ ████ ██████ ███ ██████ ████████ ██ ███ ████ █████ ██████████ ███ ████ ██ ███████ █████ ███ ██████ ████████ ██ ████ █████ ███ ████████ ███████ ██ ███ █████ ████████ ██ ███ ██████ ████ ████████ ██ █████ ███ ████ ██████ ████████ ██ ███ █████ ████ ███████ ███ ████████ ██ ██████ ████ ███ █████ ████████ ██ ███ ████ ██████ █████ ███████ ██ ████ ███ ████████ ██████ ██ ███ ████ █████ ███████ ███ ████████ ██ ████ ██████ ███ █████ ████████ ██ ███ ████ ███████ █████ ██ ███ ████████ ██████ ████ ███ ██ █████ ████████ ███ ████ ██████ ██ ███ ███████ █████ ████████ ███ ██ ████ ██████ ███ █████ ████████ ██ ███ ████ ███████ ██ █████ ███ ████ ████████ ██████ ██ ███ ████ █████ ███████ ███ ████████ ██ ████ ██████ ███ █████ ████████ ██ ███ ████ ███████ █████ ██ ███ ████████ ██████ ████ ███ ██ █████ ████████ ███ ████ ██████ ██ ███ ███████ █████ ████████ ███ ██ ████ ██████ ███ █████ ████████ ██ ███ ████ ███████ ██ █████ ███ ████ ████████ ██████ ██ ███ ████ █████ ███████ ███ ████████ ██ ████ ██████

ΚΑΙ ΤΡΙΤΟΣ;

████ ████████ ███ ██████ ████ ██ ████████ ███████ ██ ███ █████ ██████ ████████ ███ ████ ██ █████ ████████ ███ ██████ ██ ████ ███████ █████ ███ ████████ ██ ████ ██████ ███ ██████ ████████ ██ ███ ████ █████

ΕΘΕΑΘΗ Ο ΠΥΡΑΥΛΟΣ

████ ████████ ███ ██████ ████ ██ ████████ ███████ ██ ███ █████ ██████ ████████ ███ ████ ██ █████ ████████ ███ ██████ ██ ████ ███████ █████ ███ ████████ ██ ████ ██████ ███ ██████ ████████ ██ ███ ████ █████

Η ΣΦΥΡΑ ΔΕΝ ΜΕΤΕΒΛΗΘΗ

████ ████████ ███ ██████ ████ ██ ████████ ███████ ██ ███ █████ ██████ ████████ ███ ████ ██ █████ ████████ ███ ██████ ██ ████ ███████ █████ ███ ████████ ██ ████ ██████ ███ ██████ ████████ ██ ███ ████ █████

████ ████████ ███ ██████ ████ ██ ████████ ███████ ██ ███ █████ ██████ ████████ ███ ████ ██ █████ ████████ ███ ██████ ██ ████ ███████ █████ ███ ████████ ██ ████ ██████ ███ ██████ ████████ ██ ███ ████ █████ ██████████ ███ ████ ██ ███████ █████ ███ ██████ ████████ ██ ████ █████ ███ ████████ ███████ ██ ███ █████ ████████ ██ ███ ██████ ████ ████████ ██ █████ ███ ████ ██████ ████████ ██ ███ █████ ████ ███████ ███ ████████ ██ ██████ ████ ███ █████ ████████ ██ ███ ████ ██████ █████ ███████ ██ ████ ███ ████████ ██████ ██ ███ ████ █████ ███████ ███ ████████ ██ ████ ██████ ███ █████ ████████ ██ ███ ████ ███████ █████ ██ ███ ████████ ██████ ████ ███ ██ █████ ████████ ███ ████ ██████ ██ ███ ███████ █████ ████████ ███ ██ ████ ██████ ███ █████ ████████ ██ ███ ████ ███████ ██ █████ ███ ████ ████████ ██████ ██ ███ ████ █████ ███████ ███ ████████ ██ ████ ██████ ███ █████ ████████ ██ ███ ████ ███████ █████ ██ ███ ████████ ██████ ████ ███ ██ █████ ████████ ███ ████ ██████ ██ ███ ███████ █████ ████████ ███ ██ ████ ██████ ███ █████ ████████ ██ ███ ████ ███████ ██ █████ ███ ████ ████████ ██████ ██ ███ ████ █████ ███████ ███ ████████ ██ ████ ██████

ΘΑ ΔΟΘΟΥΝ ΠΛΗΡΟΦΟΡΙΑΙ

████ ████████ ███ ██████ ████ ██ ████████ ███████ ██ ███ █████ ██████ ████████ ███ ████ ██ █████ ████████ ███ ██████ ██ ████ ███████ █████ ███ ████████ ██ ████ ██████ ███ ██████ ████████ ██ ███ ████ █████

ΤΟ ΕΡΓΟΠΟΙΟΝ ΟΙ ΑΜΕΡΙΚΑΝΟΙ

████ ████████ ███ ██████ ████ ██ ████████ ███████ ██ ███ █████ ██████ ████████ ███ ████ ██ █████ ████████ ███ ██████ ██ ████ ███████ █████ ███ ████████ ██ ████ ██████ ███ ██████ ████████ ██ ███ ████ █████

ΕΚΑΤΟΝΤΑΔΕΣ ΧΙΛΙΑΔΩΝ ΙΑΠΩΝΩΝ ΦΟΙΤΗΤΩΝ ΕΙΣ ΣΥΓΚΕΝΤΡΩΣΕΙΣ ΔΙΑΜΑΡΤΥΡΗΘΗΣΑΝ ΔΙΑ ΤΗΝ ΣΥΝΕΧΙΣΙΝ ΤΩΝ ΠΥΡΗΝΙΚΩΝ ΔΟΚΙΜΩΝ

████ ████████ ███ ██████ ████ ██ ████████ ███████ ██ ███ █████ ██████ ████████ ███ ████ ██ █████ ████████ ███ ██████ ██ ████ ███████ █████ ███ ████████ ██ ████ ██████ ███ ██████ ████████ ██ ███ ████ █████

ΤΙ ΛΕΓΕΙ Η «ΠΡΑΒΔΑ»

████ ████████ ███ ██████ ████ ██ ████████ ███████ ██ ███ █████ ██████ ████████ ███ ████ ██ █████ ████████ ███ ██████ ██ ████ ███████ █████ ███ ████████ ██ ████ ██████ ███ ██████ ████████ ██ ███ ████ █████

ΜΕΤΡΗΤΗΣ ΡΑΔΙΕΝΕΡΓΕΙΑΣ

████ ████████ ███ ██████ ████ ██ ████████ ███████ ██ ███ █████ ██████ ████████ ███ ████ ██ █████ ████████ ███ ██████ ██ ████ ███████ █████ ███ ████████ ██ ████ ██████ ███ ██████ ████████ ██ ███ ████ █████

ΚΑΙ ΔΙΑ ΥΠΟΒΡΥΧΙΟΝ

████ ████████ ███ ██████ ████ ██ ████████ ███████ ██ ███ █████ ██████ ████████ ███ ████ ██ █████ ████████ ███ ██████ ██ ████ ███████ █████ ███ ████████ ██ ████ ██████ ███ ██████ ████████ ██ ███ ████ █████

ΒΟΥΛΓΑΡΟΙ ΚΑΙ ΑΦΟΠΛΙΣΜΟΣ

████ ████████ ███ ██████ ████ ██ ████████ ███████ ██ ███ █████ ██████ ████████ ███ ████ ██ █████ ████████ ███ ██████ ██ ████ ███████ █████ ███ ████████ ██ ████ ██████ ███ ██████ ████████ ██ ███ ████ █████

ΥΠΕΥΘΥΝΟΣ ΔΙΑ ΤΟ ΕΓΚΛΗΜΑ ΤΟΥ ΑΝΗΛΙΚΟΥ Ο ΤΑΒΕΡΝΙΑΡΗΣ Ο ΟΠΟΙΟΣ ΤΟΝ ΕΜΕΘΥΣΕ
ΘΑ ΠΛΗΡΩΣΗ ΤΟ ΠΟΣΟΝ ΤΩΝ 60000 ΔΟΛΛΑΡΙΩΝ

████ ████████ ███ ██████ ████ ██ ████████ ███████ ██ ███ █████ ██████ ████████ ███ ████ ██ █████ ████████ ███ ██████ ██ ████ ███████ █████ ███ ████████ ██ ████ ██████ ███ ██████ ████████ ██ ███ ████ █████

████ ████████ ███ ██████ ████ ██ ████████ ███████ ██ ███ █████ ██████ ████████ ███ ████ ██ █████ ████████ ███ ██████ ██ ████ ███████ █████ ███ ████████ ██ ████ ██████ ███ ██████ ████████ ██ ███ ████ █████

ΕΚΚΑΘΑΡΙΣΙΣ ΛΟΓΑΡΙΑΣΜΩΝ ΕΙΣ ΤΟ ΣΙΚΑΓΟΝ ΜΕΤΑΞΥ ΤΩΝ ΣΥΜΜΟΡΙΩΝ ΤΩΝ ΓΚΑΓΚΣΤΕΡ

████ ████████ ███ ██████ ████ ██ ████████ ███████ ██ ███ █████ ██████ ████████ ███ ████ ██ █████ ████████ ███ ██████ ██ ████ ███████ █████ ███ ████████ ██ ████ ██████ ███ ██████ ████████ ██ ███ ████ █████

████ ████████ ███ ██████ ████ ██ ████████ ███████ ██ ███ █████ ██████ ████████ ███ ████ ██ █████ ████████ ███ ██████ ██ ████ ███████ █████ ███ ████████ ██ ████ ██████ ███ ██████ ████████ ██ ███ ████ █████

Η ΕΠΙΔΗΜΙΑ ΤΗΣ ΓΡΙΠΠΗΣ ΕΞΑΚΟΛΟΥΘΕΙ

████ ████████ ███ ██████ ████ ██ ████████ ███████ ██ ███ █████ ██████ ████████ ███ ████ ██ █████ ████████ ███ ██████ ██ ████ ███████ █████ ███ ████████ ██ ████ ██████ ███ ██████ ████████ ██ ███ ████ █████

████ ████████ ███ ██████ ████ ██ ████████ ███████ ██ ███ █████ ██████ ████████ ███ ████ ██ █████ ████████ ███ ██████ ██ ████ ███████ █████ ███ ████████ ██ ████ ██████ ███ ██████ ████████ ██ ███ ████ █████

ΕΙΣ ΤΗΝ ΙΤΑΛΙΑΝ
